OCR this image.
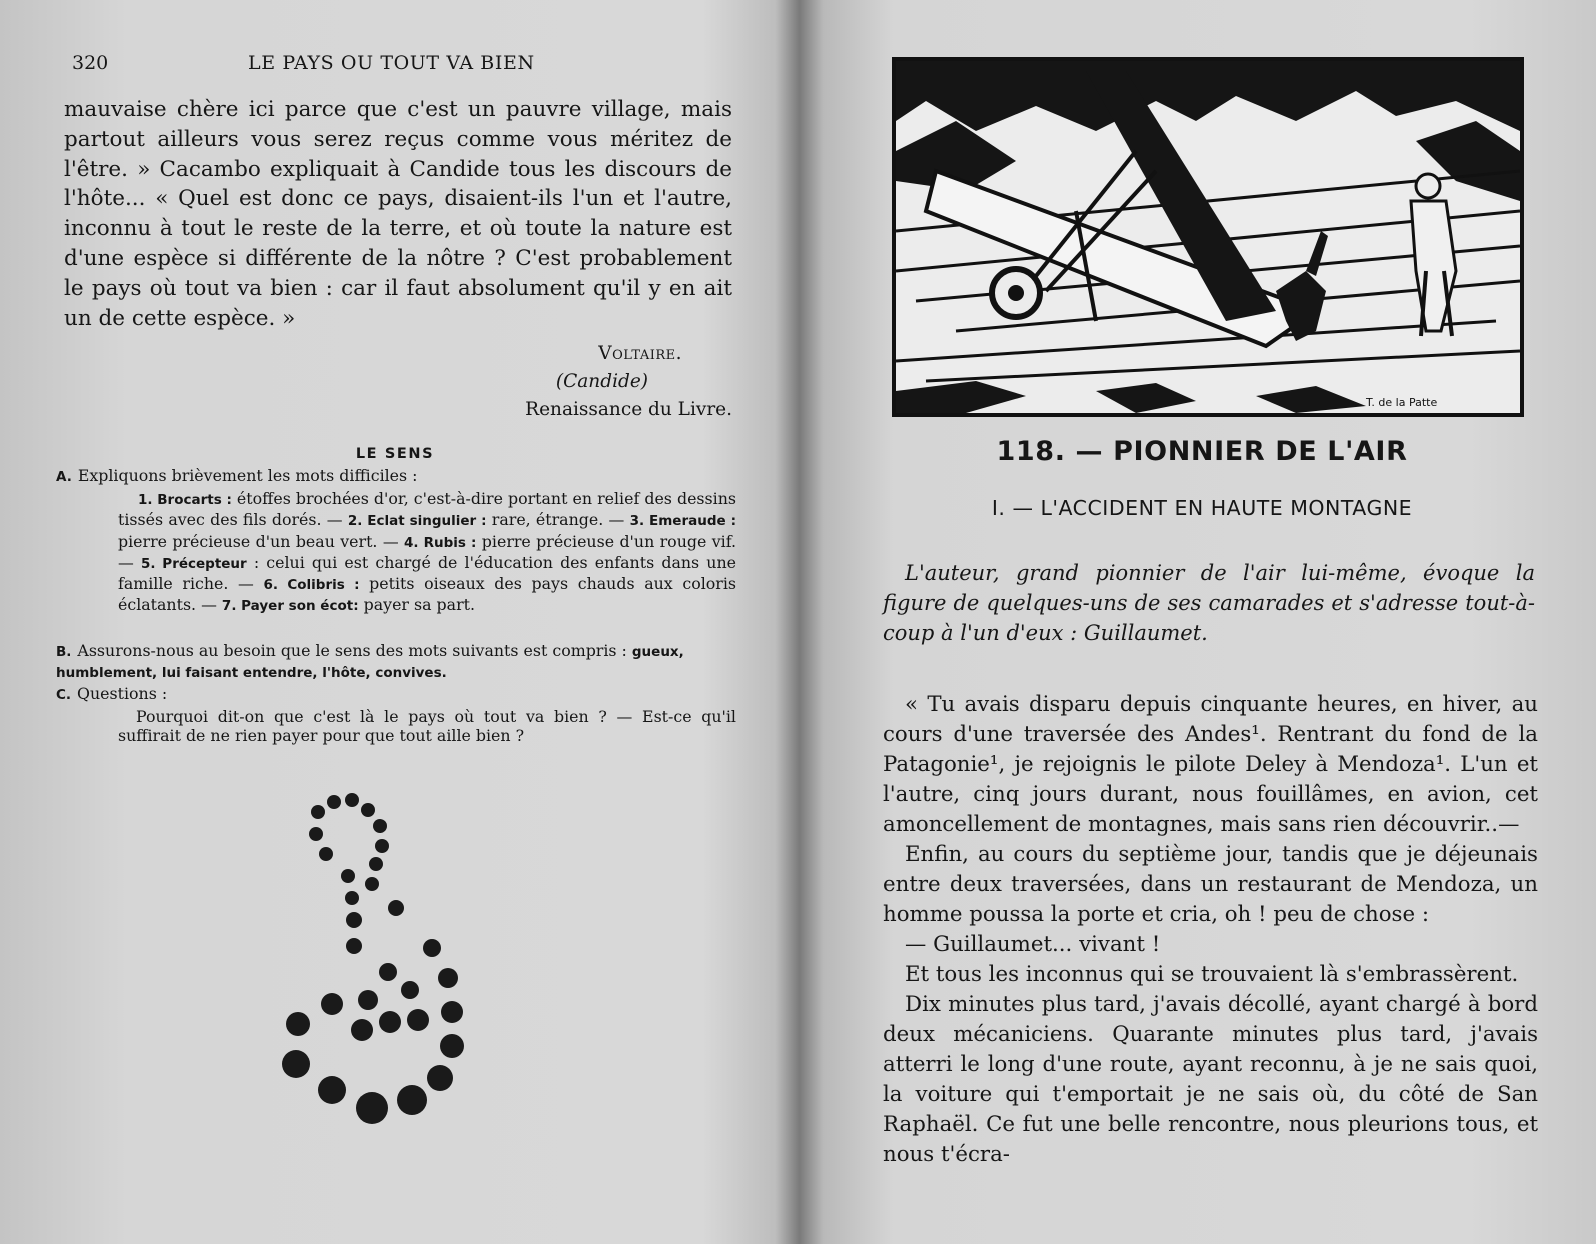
320	LE PAYS OU TOUT VA BIEN

mauvaise chère ici parce que c'est un pauvre village, mais partout ailleurs vous serez reçus comme vous méritez de l'être. » Cacambo expliquait à Candide tous les discours de l'hôte... « Quel est donc ce pays, disaient-ils l'un et l'autre, inconnu à tout le reste de la terre, et où toute la nature est d'une espèce si différente de la nôtre ? C'est probablement le pays où tout va bien : car il faut absolument qu'il y en ait un de cette espèce. »

Voltaire.
(Candide)
Renaissance du Livre.
LE SENS
A. Expliquons brièvement les mots difficiles :
1. Brocarts : étoffes brochées d'or, c'est-à-dire portant en relief des dessins tissés avec des fils dorés. — 2. Eclat singulier : rare, étrange. — 3. Emeraude : pierre précieuse d'un beau vert. — 4. Rubis : pierre précieuse d'un rouge vif. — 5. Précepteur : celui qui est chargé de l'éducation des enfants dans une famille riche. — 6. Colibris : petits oiseaux des pays chauds aux coloris éclatants. — 7. Payer son écot: payer sa part.
B. Assurons-nous au besoin que le sens des mots suivants est compris : gueux, humblement, lui faisant entendre, l'hôte, convives.
C. Questions :
Pourquoi dit-on que c'est là le pays où tout va bien ? — Est-ce qu'il suffirait de ne rien payer pour que tout aille bien ?
T. de la Patte
118. — PIONNIER DE L'AIR
I. — L'ACCIDENT EN HAUTE MONTAGNE

L'auteur, grand pionnier de l'air lui-même, évoque la figure de quelques-uns de ses camarades et s'adresse tout-à-coup à l'un d'eux : Guillaumet.

« Tu avais disparu depuis cinquante heures, en hiver, au cours d'une traversée des Andes¹. Rentrant du fond de la Patagonie¹, je rejoignis le pilote Deley à Mendoza¹. L'un et l'autre, cinq jours durant, nous fouillâmes, en avion, cet amoncellement de montagnes, mais sans rien découvrir..—

Enfin, au cours du septième jour, tandis que je déjeunais entre deux traversées, dans un restaurant de Mendoza, un homme poussa la porte et cria, oh ! peu de chose :

— Guillaumet... vivant !

Et tous les inconnus qui se trouvaient là s'embrassèrent.

Dix minutes plus tard, j'avais décollé, ayant chargé à bord deux mécaniciens. Quarante minutes plus tard, j'avais atterri le long d'une route, ayant reconnu, à je ne sais quoi, la voiture qui t'emportait je ne sais où, du côté de San Raphaël. Ce fut une belle rencontre, nous pleurions tous, et nous t'écra-
